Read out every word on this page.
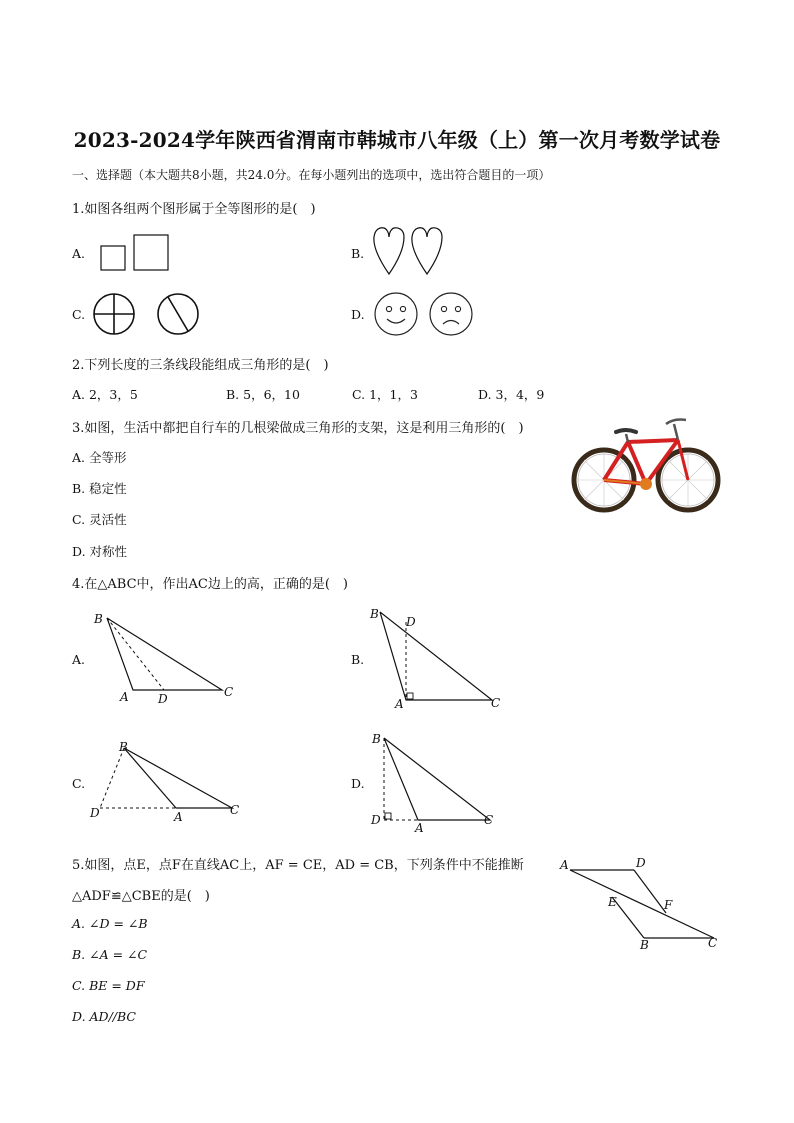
2023-2024学年陕西省渭南市韩城市八年级（上）第一次月考数学试卷
一、选择题（本大题共8小题，共24.0分。在每小题列出的选项中，选出符合题目的一项）
1.如图各组两个图形属于全等图形的是(　)
A.	B.
C.	D.
2.下列长度的三条线段能组成三角形的是(　)
A. 2，3，5	B. 5，6，10	C. 1，1，3	D. 3，4，9
3.如图，生活中都把自行车的几根梁做成三角形的支架，这是利用三角形的(　)
A. 全等形
B. 稳定性
C. 灵活性
D. 对称性
4.在△ABC中，作出AC边上的高，正确的是(　)
A.	B.
C.	D.
B
A D	C
B
D
A	C
B
D	A	C
B
D
A
C
5.如图，点E，点F在直线AC上，AF = CE，AD = CB，下列条件中不能推断
△ADF≌△CBE的是(　)
A. ∠D = ∠B
B. ∠A = ∠C
C. BE = DF
D. AD//BC
A	D
E	F
B	C
